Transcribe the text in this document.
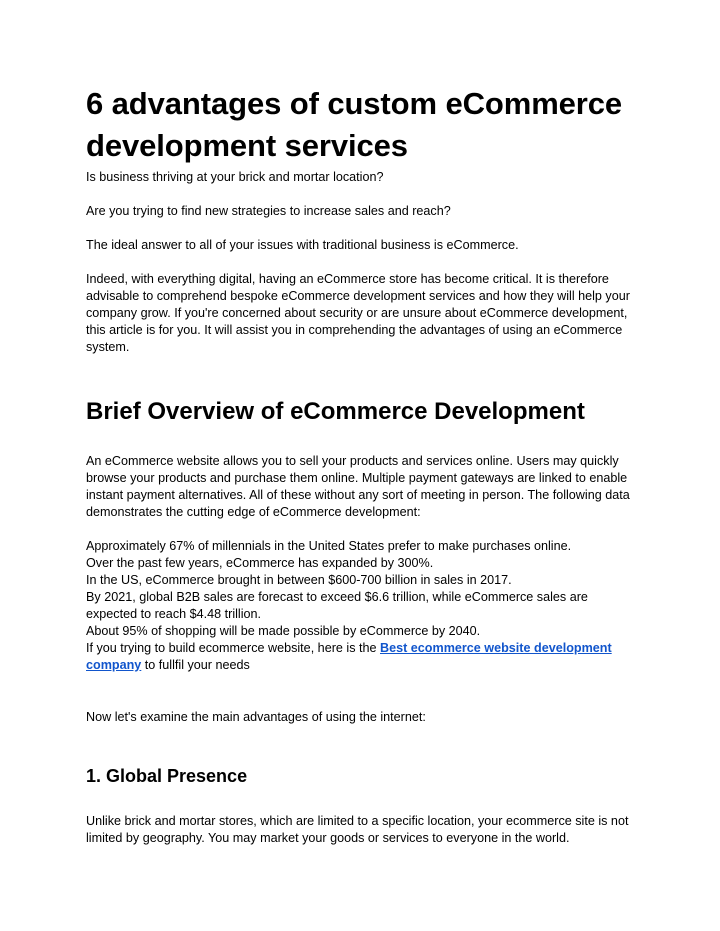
6 advantages of custom eCommerce development services

Is business thriving at your brick and mortar location?

Are you trying to find new strategies to increase sales and reach?

The ideal answer to all of your issues with traditional business is eCommerce.

Indeed, with everything digital, having an eCommerce store has become critical. It is therefore advisable to comprehend bespoke eCommerce development services and how they will help your company grow. If you're concerned about security or are unsure about eCommerce development, this article is for you. It will assist you in comprehending the advantages of using an eCommerce system.

Brief Overview of eCommerce Development

An eCommerce website allows you to sell your products and services online. Users may quickly browse your products and purchase them online. Multiple payment gateways are linked to enable instant payment alternatives. All of these without any sort of meeting in person. The following data demonstrates the cutting edge of eCommerce development:

Approximately 67% of millennials in the United States prefer to make purchases online.

Over the past few years, eCommerce has expanded by 300%.

In the US, eCommerce brought in between $600-700 billion in sales in 2017.

By 2021, global B2B sales are forecast to exceed $6.6 trillion, while eCommerce sales are expected to reach $4.48 trillion.

About 95% of shopping will be made possible by eCommerce by 2040.

If you trying to build ecommerce website, here is the Best ecommerce website development company to fullfil your needs

Now let's examine the main advantages of using the internet:

1. Global Presence

Unlike brick and mortar stores, which are limited to a specific location, your ecommerce site is not limited by geography. You may market your goods or services to everyone in the world.
